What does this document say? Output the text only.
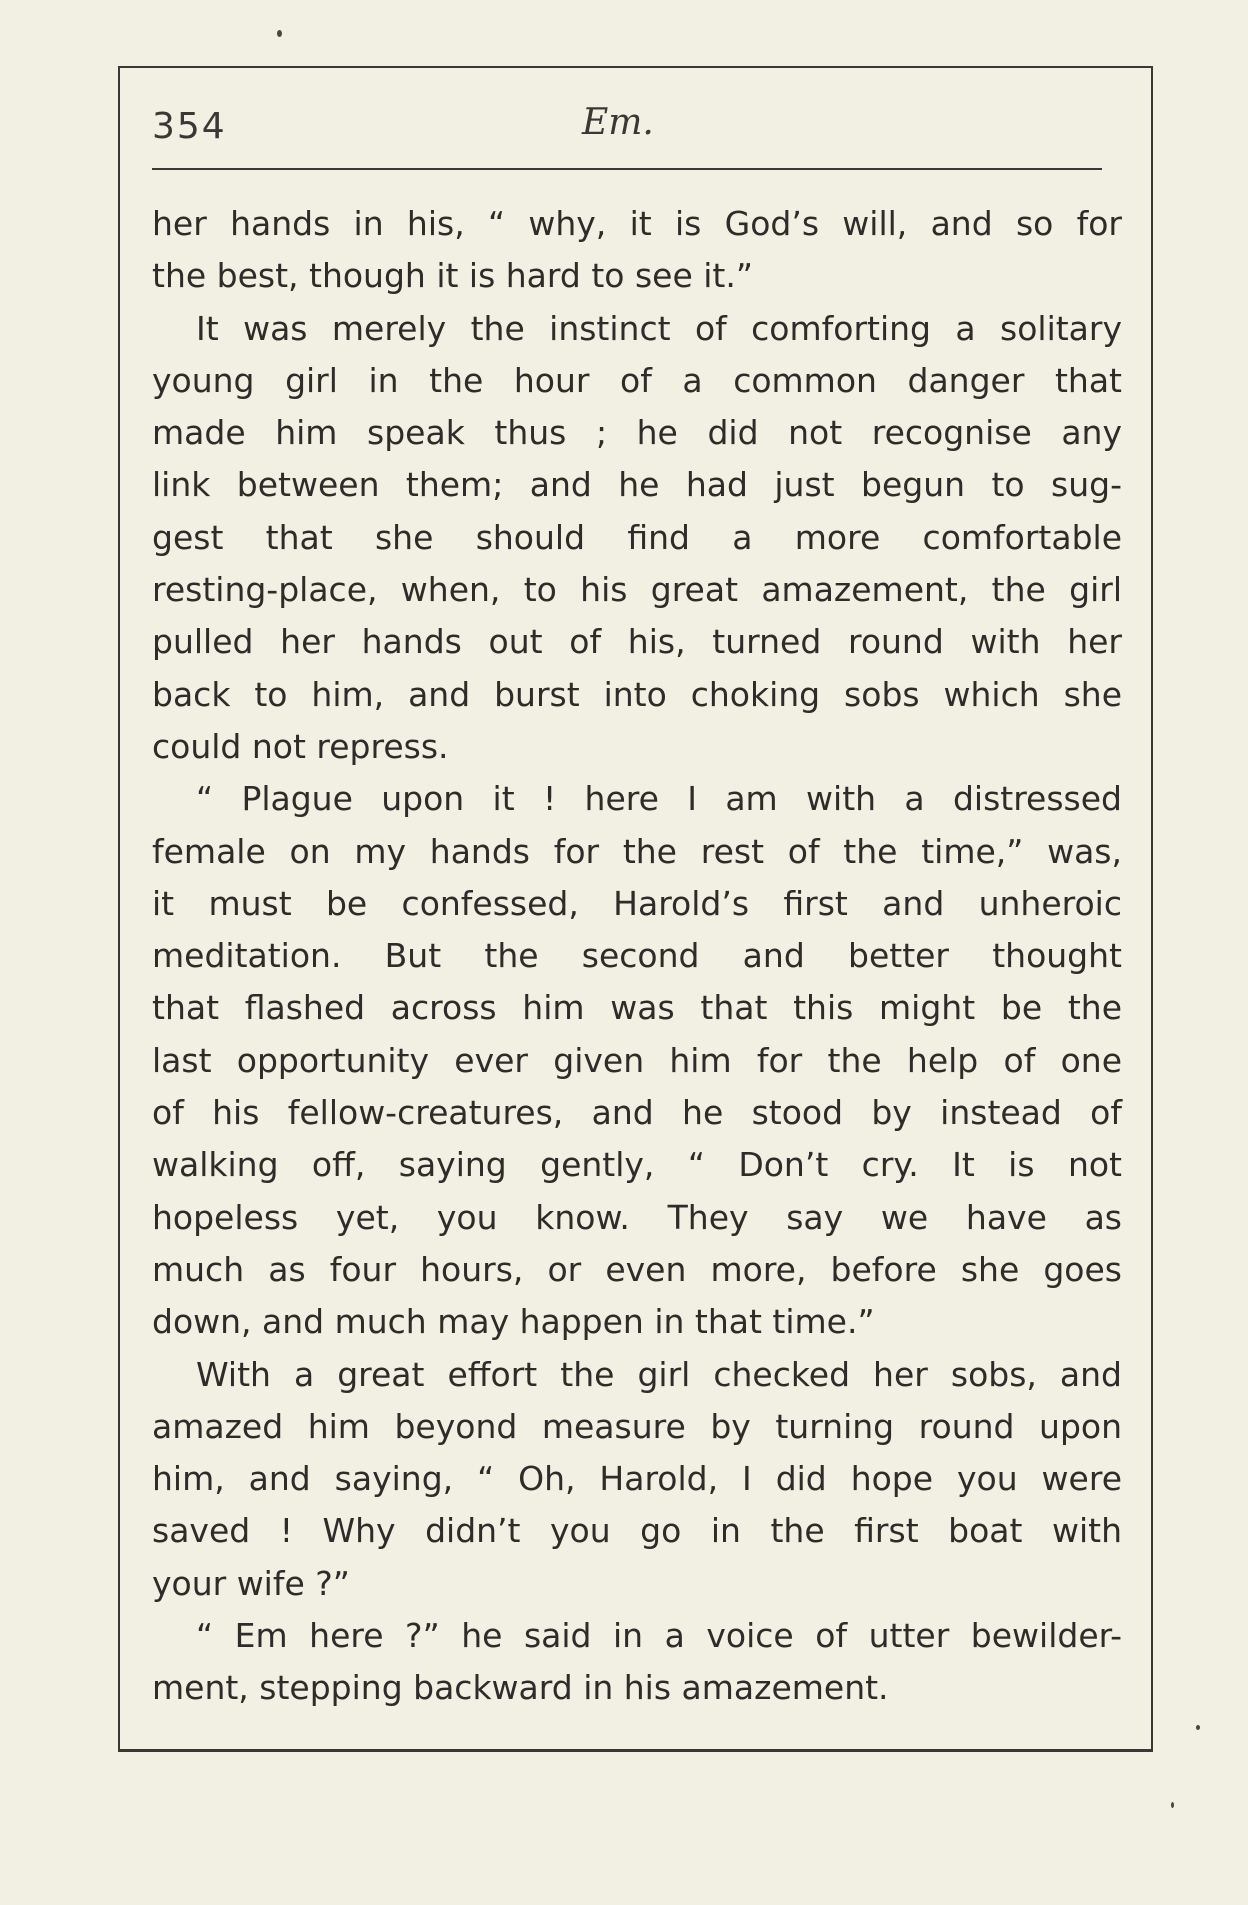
354	Em.
her hands in his, “ why, it is God’s will, and so for
the best, though it is hard to see it.”
It was merely the instinct of comforting a solitary
young girl in the hour of a common danger that
made him speak thus ; he did not recognise any
link between them; and he had just begun to sug-
gest that she should find a more comfortable
resting-place, when, to his great amazement, the girl
pulled her hands out of his, turned round with her
back to him, and burst into choking sobs which she
could not repress.
“ Plague upon it ! here I am with a distressed
female on my hands for the rest of the time,” was,
it must be confessed, Harold’s first and unheroic
meditation. But the second and better thought
that flashed across him was that this might be the
last opportunity ever given him for the help of one
of his fellow-creatures, and he stood by instead of
walking off, saying gently, “ Don’t cry. It is not
hopeless yet, you know. They say we have as
much as four hours, or even more, before she goes
down, and much may happen in that time.”
With a great effort the girl checked her sobs, and
amazed him beyond measure by turning round upon
him, and saying, “ Oh, Harold, I did hope you were
saved ! Why didn’t you go in the first boat with
your wife ?”
“ Em here ?” he said in a voice of utter bewilder-
ment, stepping backward in his amazement.
